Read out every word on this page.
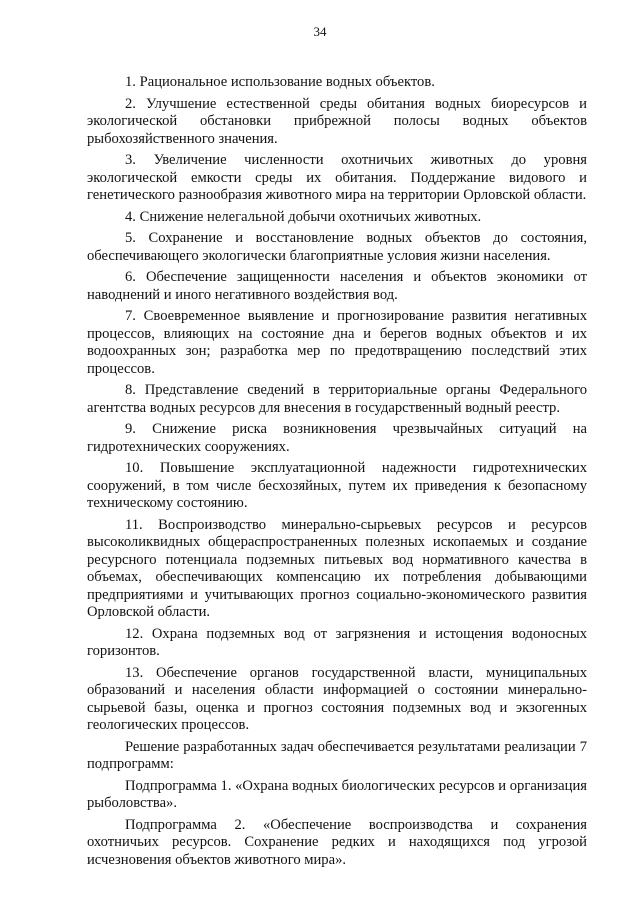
34

1. Рациональное использование водных объектов.

2. Улучшение естественной среды обитания водных биоресурсов и экологической обстановки прибрежной полосы водных объектов рыбохозяйственного значения.

3. Увеличение численности охотничьих животных до уровня экологической емкости среды их обитания. Поддержание видового и генетического разнообразия животного мира на территории Орловской области.

4. Снижение нелегальной добычи охотничьих животных.

5. Сохранение и восстановление водных объектов до состояния, обеспечивающего экологически благоприятные условия жизни населения.

6. Обеспечение защищенности населения и объектов экономики от наводнений и иного негативного воздействия вод.

7. Своевременное выявление и прогнозирование развития негативных процессов, влияющих на состояние дна и берегов водных объектов и их водоохранных зон; разработка мер по предотвращению последствий этих процессов.

8. Представление сведений в территориальные органы Федерального агентства водных ресурсов для внесения в государственный водный реестр.

9. Снижение риска возникновения чрезвычайных ситуаций на гидротехнических сооружениях.

10. Повышение эксплуатационной надежности гидротехнических сооружений, в том числе бесхозяйных, путем их приведения к безопасному техническому состоянию.

11. Воспроизводство минерально-сырьевых ресурсов и ресурсов высоколиквидных общераспространенных полезных ископаемых и создание ресурсного потенциала подземных питьевых вод нормативного качества в объемах, обеспечивающих компенсацию их потребления добывающими предприятиями и учитывающих прогноз социально-экономического развития Орловской области.

12. Охрана подземных вод от загрязнения и истощения водоносных горизонтов.

13. Обеспечение органов государственной власти, муниципальных образований и населения области информацией о состоянии минерально-сырьевой базы, оценка и прогноз состояния подземных вод и экзогенных геологических процессов.

Решение разработанных задач обеспечивается результатами реализации 7 подпрограмм:

Подпрограмма 1. «Охрана водных биологических ресурсов и организация рыболовства».

Подпрограмма 2. «Обеспечение воспроизводства и сохранения охотничьих ресурсов. Сохранение редких и находящихся под угрозой исчезновения объектов животного мира».
